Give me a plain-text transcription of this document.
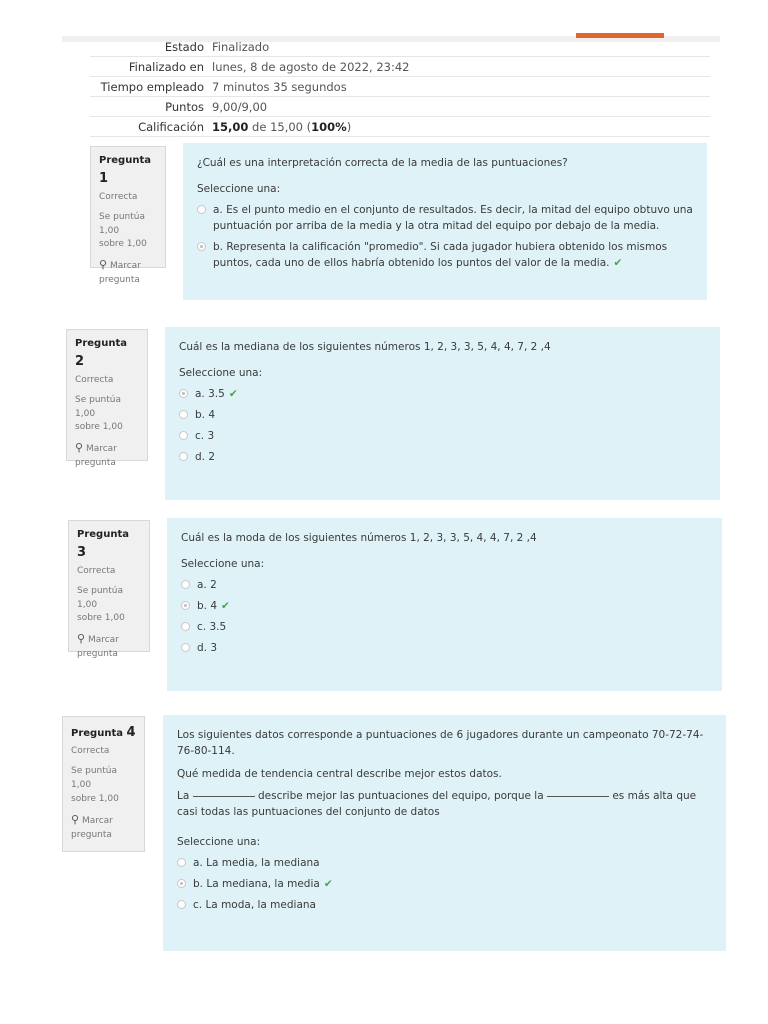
Estado	Finalizado
Finalizado en	lunes, 8 de agosto de 2022, 23:42
Tiempo empleado	7 minutos 35 segundos
Puntos	9,00/9,00
Calificación	15,00 de 15,00 (100%)
Pregunta 1
Correcta
Se puntúa 1,00
sobre 1,00
⚲ Marcar
pregunta
¿Cuál es una interpretación correcta de la media de las puntuaciones?
Seleccione una:
a. Es el punto medio en el conjunto de resultados. Es decir, la mitad del equipo obtuvo una puntuación por arriba de la media y la otra mitad del equipo por debajo de la media.
b. Representa la calificación "promedio". Si cada jugador hubiera obtenido los mismos puntos, cada uno de ellos habría obtenido los puntos del valor de la media. ✔
Pregunta 2
Correcta
Se puntúa 1,00
sobre 1,00
⚲ Marcar
pregunta
Cuál es la mediana de los siguientes números 1, 2, 3, 3, 5, 4, 4, 7, 2 ,4
Seleccione una:
a. 3.5 ✔
b. 4
c. 3
d. 2
Pregunta 3
Correcta
Se puntúa 1,00
sobre 1,00
⚲ Marcar
pregunta
Cuál es la moda de los siguientes números 1, 2, 3, 3, 5, 4, 4, 7, 2 ,4
Seleccione una:
a. 2
b. 4 ✔
c. 3.5
d. 3
Pregunta 4
Correcta
Se puntúa 1,00
sobre 1,00
⚲ Marcar
pregunta
Los siguientes datos corresponde a puntuaciones de 6 jugadores durante un campeonato 70-72-74-76-80-114.
Qué medida de tendencia central describe mejor estos datos.
La	describe mejor las puntuaciones del equipo, porque la	es más alta que casi todas las puntuaciones del conjunto de datos
Seleccione una:
a. La media, la mediana
b. La mediana, la media ✔
c. La moda, la mediana
